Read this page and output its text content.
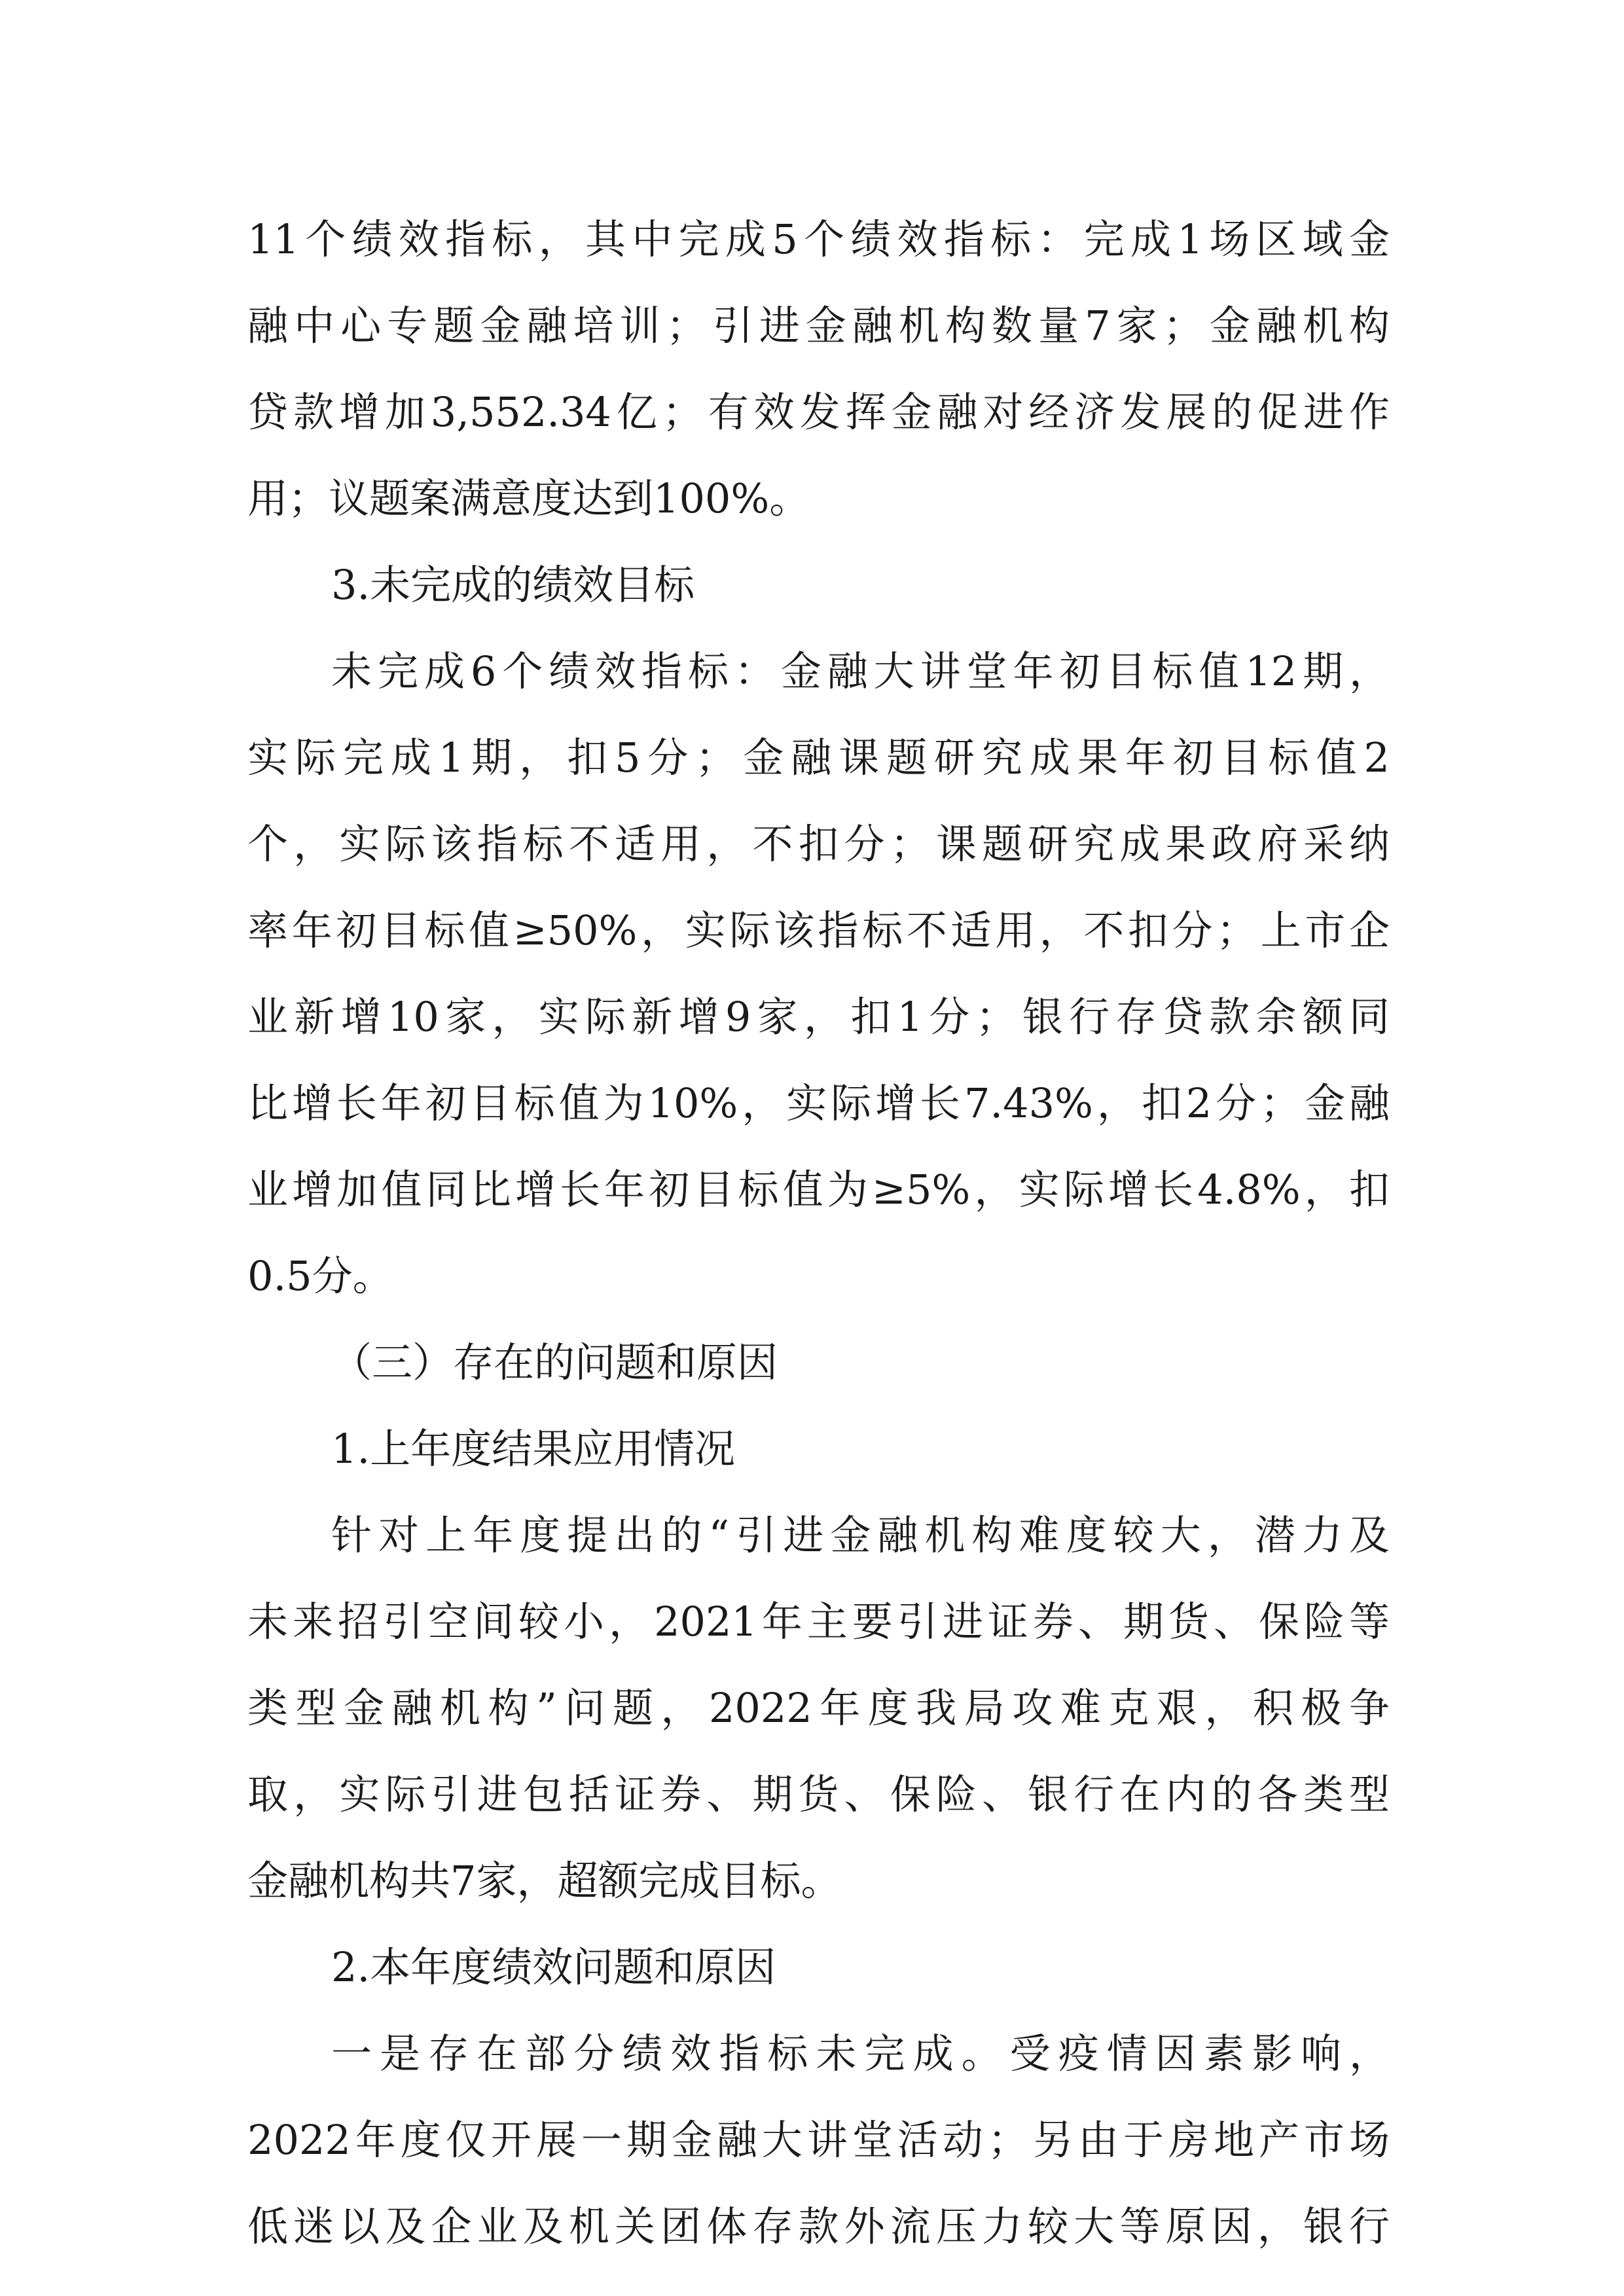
11个绩效指标，其中完成5个绩效指标：完成1场区域金
融中心专题金融培训；引进金融机构数量7家；金融机构
贷款增加3,552.34亿；有效发挥金融对经济发展的促进作
用；议题案满意度达到100%。
3.未完成的绩效目标
未完成6个绩效指标：金融大讲堂年初目标值12期，
实际完成1期，扣5分；金融课题研究成果年初目标值2
个，实际该指标不适用，不扣分；课题研究成果政府采纳
率年初目标值≥50%，实际该指标不适用，不扣分；上市企
业新增10家，实际新增9家，扣1分；银行存贷款余额同
比增长年初目标值为10%，实际增长7.43%，扣2分；金融
业增加值同比增长年初目标值为≥5%，实际增长4.8%，扣
0.5分。
（三）存在的问题和原因
1.上年度结果应用情况
针对上年度提出的“引进金融机构难度较大，潜力及
未来招引空间较小，2021年主要引进证券、期货、保险等
类型金融机构”问题，2022年度我局攻难克艰，积极争
取，实际引进包括证券、期货、保险、银行在内的各类型
金融机构共7家，超额完成目标。
2.本年度绩效问题和原因
一是存在部分绩效指标未完成。受疫情因素影响，
2022年度仅开展一期金融大讲堂活动；另由于房地产市场
低迷以及企业及机关团体存款外流压力较大等原因，银行
